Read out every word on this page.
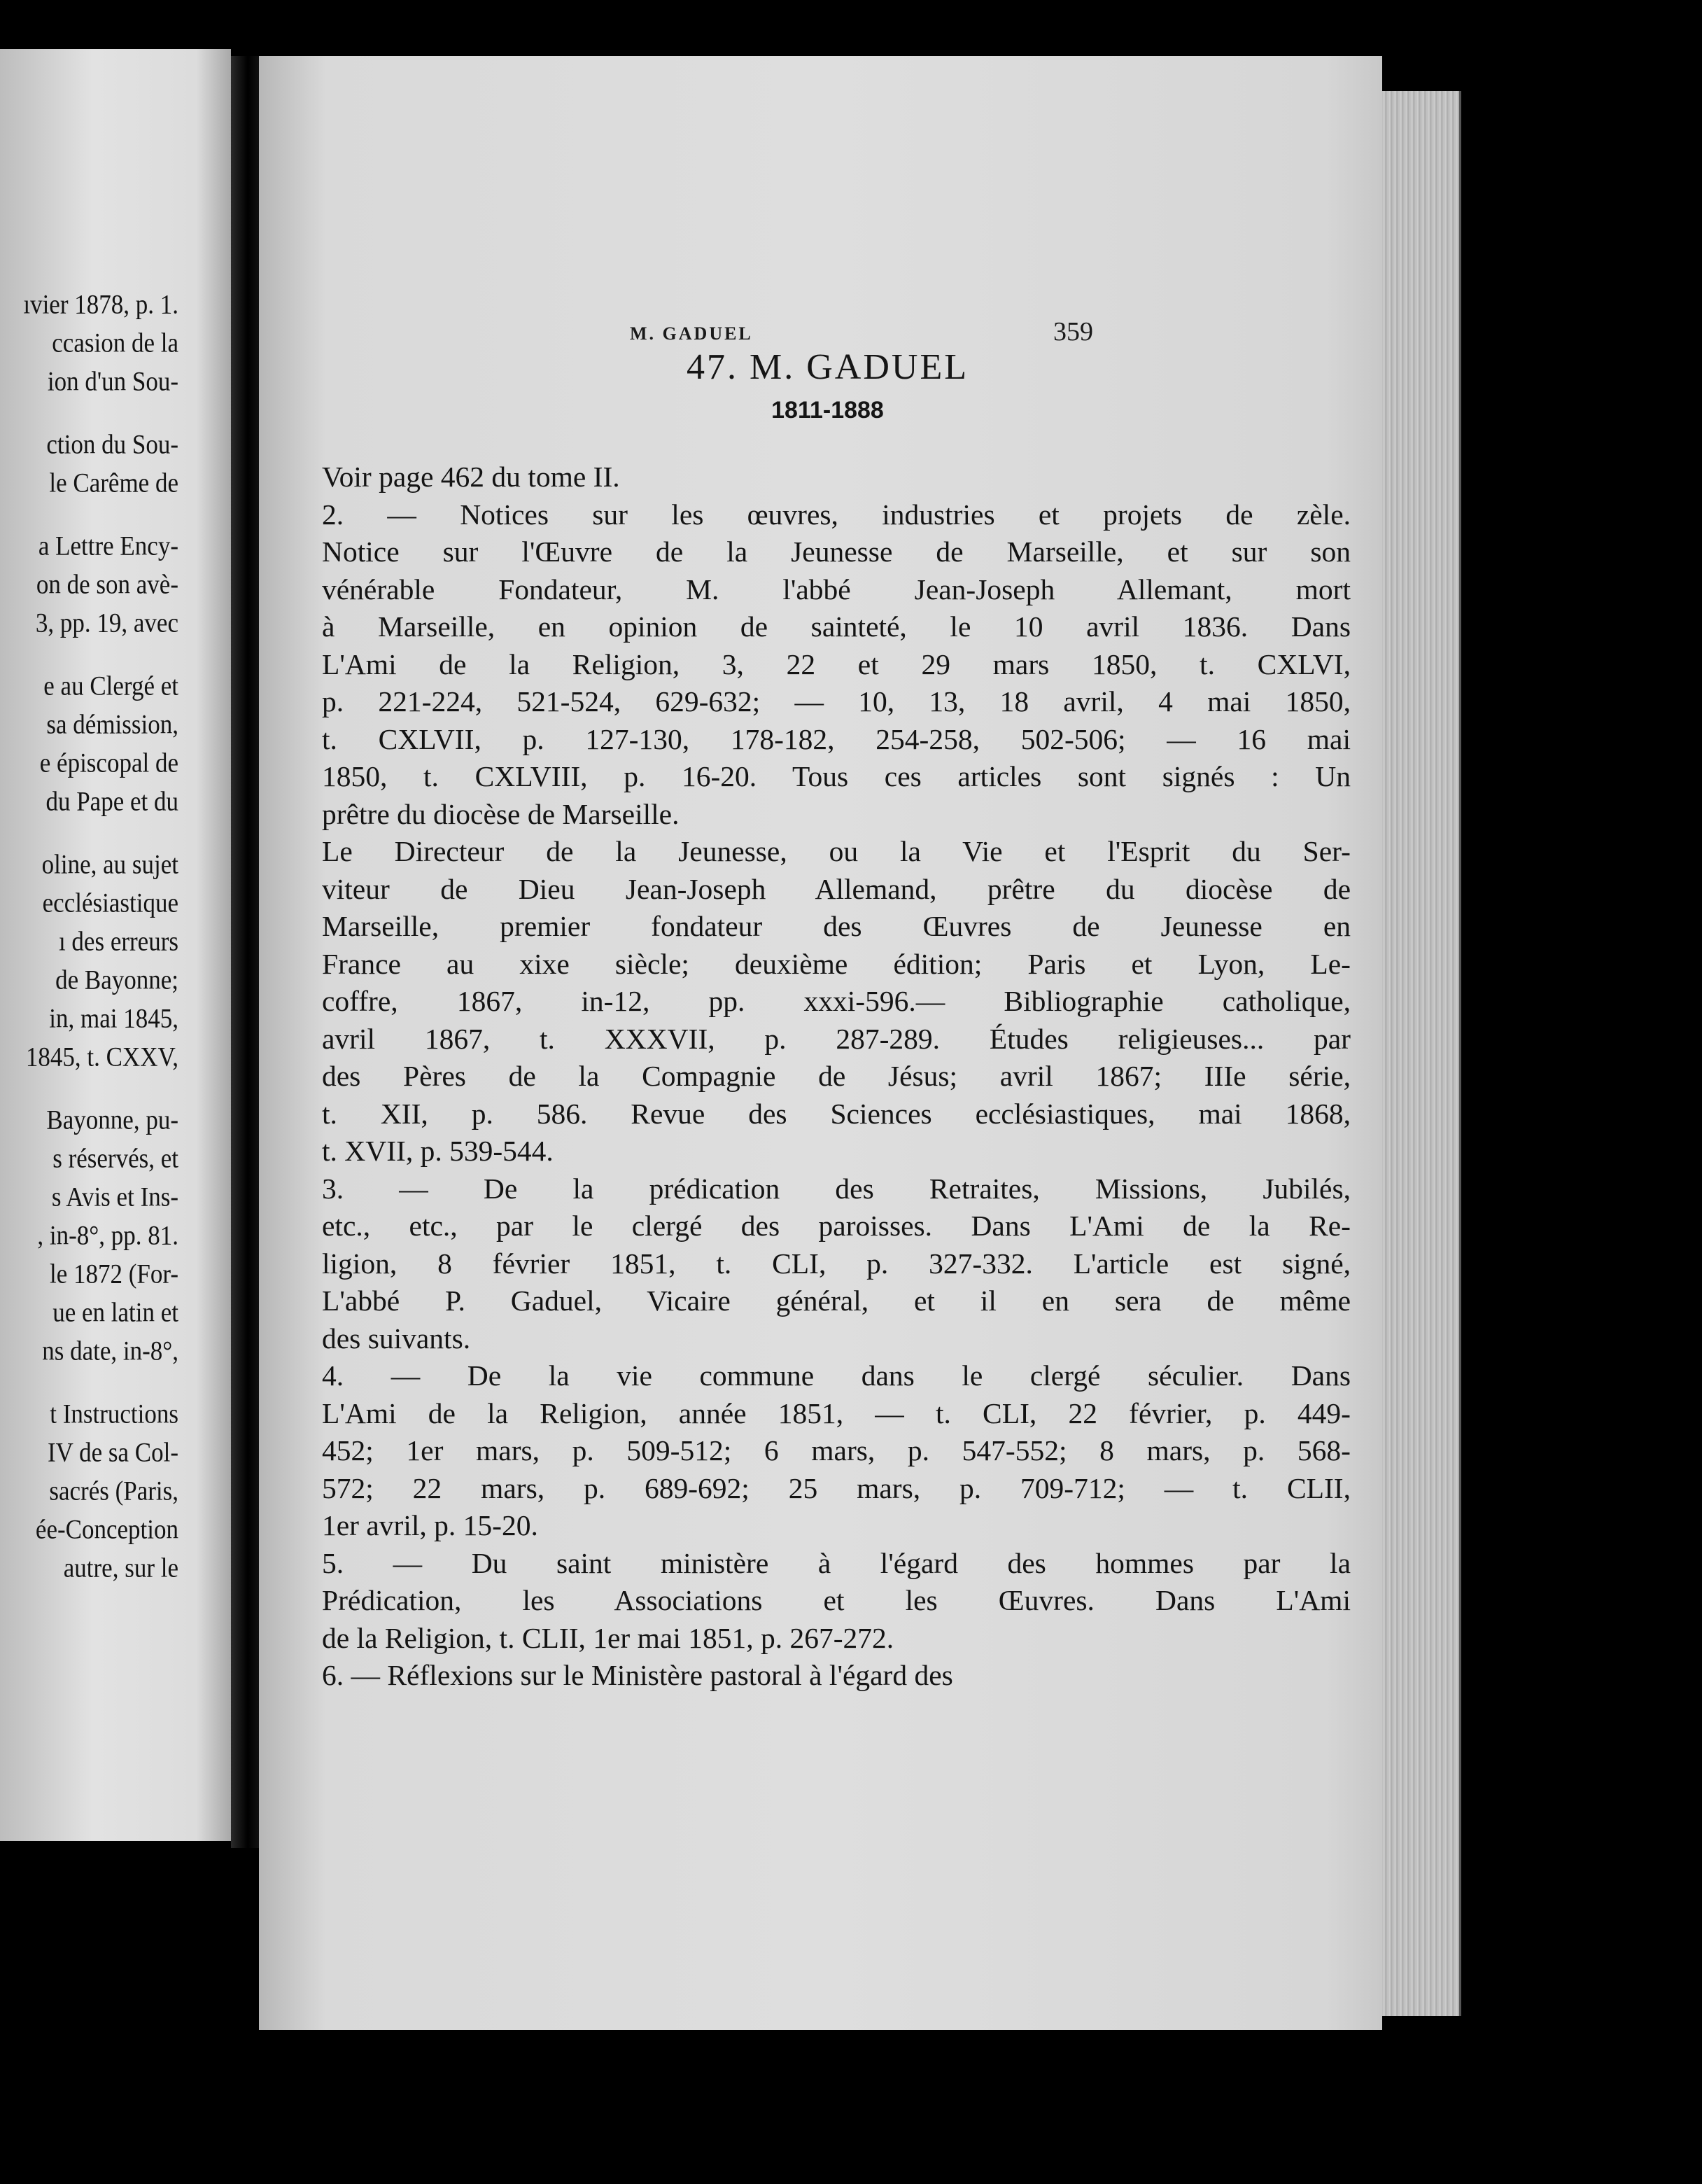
ıvier 1878, p. 1.
ccasion de la
ion d'un Sou-
ction du Sou-
le Carême de
a Lettre Ency-
on de son avè-
3, pp. 19, avec
e au Clergé et
sa démission,
e épiscopal de
du Pape et du
oline, au sujet
ecclésiastique
ı des erreurs
de Bayonne;
in, mai 1845,
1845, t. CXXV,
Bayonne, pu-
s réservés, et
s Avis et Ins-
, in-8°, pp. 81.
le 1872 (For-
ue en latin et
ns date, in-8°,
t Instructions
IV de sa Col-
sacrés (Paris,
ée-Conception
autre, sur le
M. GADUEL	359
47. M. GADUEL
1811-1888
Voir page 462 du tome II.
2. — Notices sur les œuvres, industries et projets de zèle.
Notice sur l'Œuvre de la Jeunesse de Marseille, et sur son
vénérable Fondateur, M. l'abbé Jean-Joseph Allemant, mort
à Marseille, en opinion de sainteté, le 10 avril 1836. Dans
L'Ami de la Religion, 3, 22 et 29 mars 1850, t. CXLVI,
p. 221-224, 521-524, 629-632; — 10, 13, 18 avril, 4 mai 1850,
t. CXLVII, p. 127-130, 178-182, 254-258, 502-506; — 16 mai
1850, t. CXLVIII, p. 16-20. Tous ces articles sont signés : Un
prêtre du diocèse de Marseille.
Le Directeur de la Jeunesse, ou la Vie et l'Esprit du Ser-
viteur de Dieu Jean-Joseph Allemand, prêtre du diocèse de
Marseille, premier fondateur des Œuvres de Jeunesse en
France au xixe siècle; deuxième édition; Paris et Lyon, Le-
coffre, 1867, in-12, pp. xxxi-596.— Bibliographie catholique,
avril 1867, t. XXXVII, p. 287-289. Études religieuses... par
des Pères de la Compagnie de Jésus; avril 1867; IIIe série,
t. XII, p. 586. Revue des Sciences ecclésiastiques, mai 1868,
t. XVII, p. 539-544.
3. — De la prédication des Retraites, Missions, Jubilés,
etc., etc., par le clergé des paroisses. Dans L'Ami de la Re-
ligion, 8 février 1851, t. CLI, p. 327-332. L'article est signé,
L'abbé P. Gaduel, Vicaire général, et il en sera de même
des suivants.
4. — De la vie commune dans le clergé séculier. Dans
L'Ami de la Religion, année 1851, — t. CLI, 22 février, p. 449-
452; 1er mars, p. 509-512; 6 mars, p. 547-552; 8 mars, p. 568-
572; 22 mars, p. 689-692; 25 mars, p. 709-712; — t. CLII,
1er avril, p. 15-20.
5. — Du saint ministère à l'égard des hommes par la
Prédication, les Associations et les Œuvres. Dans L'Ami
de la Religion, t. CLII, 1er mai 1851, p. 267-272.
6. — Réflexions sur le Ministère pastoral à l'égard des
